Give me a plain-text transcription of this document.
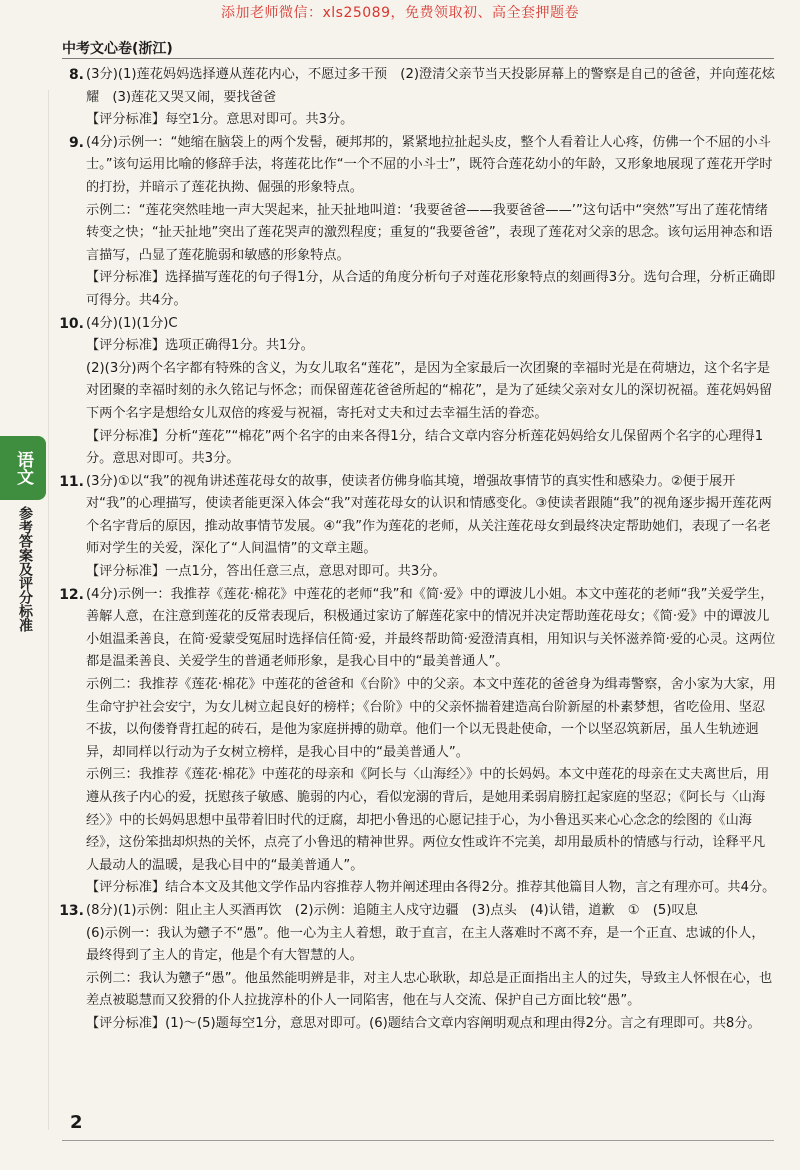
添加老师微信：xls25089，免费领取初、高全套押题卷
中考文心卷(浙江)
语文
参考答案及评分标准
8. (3分)(1)莲花妈妈选择遵从莲花内心，不愿过多干预　(2)澄清父亲节当天投影屏幕上的警察是自己的爸爸，并向莲花炫耀　(3)莲花又哭又闹，要找爸爸

【评分标准】每空1分。意思对即可。共3分。

9. (4分)示例一：“她缩在脑袋上的两个发髻，硬邦邦的，紧紧地拉扯起头皮，整个人看着让人心疼，仿佛一个不屈的小斗士。”该句运用比喻的修辞手法，将莲花比作“一个不屈的小斗士”，既符合莲花幼小的年龄，又形象地展现了莲花开学时的打扮，并暗示了莲花执拗、倔强的形象特点。

示例二：“莲花突然哇地一声大哭起来，扯天扯地叫道：‘我要爸爸——我要爸爸——’”这句话中“突然”写出了莲花情绪转变之快；“扯天扯地”突出了莲花哭声的激烈程度；重复的“我要爸爸”，表现了莲花对父亲的思念。该句运用神态和语言描写，凸显了莲花脆弱和敏感的形象特点。

【评分标准】选择描写莲花的句子得1分，从合适的角度分析句子对莲花形象特点的刻画得3分。选句合理，分析正确即可得分。共4分。

10. (4分)(1)(1分)C

【评分标准】选项正确得1分。共1分。

(2)(3分)两个名字都有特殊的含义，为女儿取名“莲花”，是因为全家最后一次团聚的幸福时光是在荷塘边，这个名字是对团聚的幸福时刻的永久铭记与怀念；而保留莲花爸爸所起的“棉花”，是为了延续父亲对女儿的深切祝福。莲花妈妈留下两个名字是想给女儿双倍的疼爱与祝福，寄托对丈夫和过去幸福生活的眷恋。

【评分标准】分析“莲花”“棉花”两个名字的由来各得1分，结合文章内容分析莲花妈妈给女儿保留两个名字的心理得1分。意思对即可。共3分。

11. (3分)①以“我”的视角讲述莲花母女的故事，使读者仿佛身临其境，增强故事情节的真实性和感染力。②便于展开对“我”的心理描写，使读者能更深入体会“我”对莲花母女的认识和情感变化。③使读者跟随“我”的视角逐步揭开莲花两个名字背后的原因，推动故事情节发展。④“我”作为莲花的老师，从关注莲花母女到最终决定帮助她们，表现了一名老师对学生的关爱，深化了“人间温情”的文章主题。

【评分标准】一点1分，答出任意三点，意思对即可。共3分。

12. (4分)示例一：我推荐《莲花·棉花》中莲花的老师“我”和《简·爱》中的谭波儿小姐。本文中莲花的老师“我”关爱学生，善解人意，在注意到莲花的反常表现后，积极通过家访了解莲花家中的情况并决定帮助莲花母女；《简·爱》中的谭波儿小姐温柔善良，在简·爱蒙受冤屈时选择信任简·爱，并最终帮助简·爱澄清真相，用知识与关怀滋养简·爱的心灵。这两位都是温柔善良、关爱学生的普通老师形象，是我心目中的“最美普通人”。

示例二：我推荐《莲花·棉花》中莲花的爸爸和《台阶》中的父亲。本文中莲花的爸爸身为缉毒警察，舍小家为大家，用生命守护社会安宁，为女儿树立起良好的榜样；《台阶》中的父亲怀揣着建造高台阶新屋的朴素梦想，省吃俭用、坚忍不拔，以佝偻脊背扛起的砖石，是他为家庭拼搏的勋章。他们一个以无畏赴使命，一个以坚忍筑新居，虽人生轨迹迥异，却同样以行动为子女树立榜样，是我心目中的“最美普通人”。

示例三：我推荐《莲花·棉花》中莲花的母亲和《阿长与〈山海经〉》中的长妈妈。本文中莲花的母亲在丈夫离世后，用遵从孩子内心的爱，抚慰孩子敏感、脆弱的内心，看似宠溺的背后，是她用柔弱肩膀扛起家庭的坚忍；《阿长与〈山海经〉》中的长妈妈思想中虽带着旧时代的迂腐，却把小鲁迅的心愿记挂于心，为小鲁迅买来心心念念的绘图的《山海经》，这份笨拙却炽热的关怀，点亮了小鲁迅的精神世界。两位女性或许不完美，却用最质朴的情感与行动，诠释平凡人最动人的温暖，是我心目中的“最美普通人”。

【评分标准】结合本文及其他文学作品内容推荐人物并阐述理由各得2分。推荐其他篇目人物，言之有理亦可。共4分。

13. (8分)(1)示例：阻止主人买酒再饮　(2)示例：追随主人戍守边疆　(3)点头　(4)认错，道歉　①　(5)叹息

(6)示例一：我认为戆子不“愚”。他一心为主人着想，敢于直言，在主人落难时不离不弃，是一个正直、忠诚的仆人，最终得到了主人的肯定，他是个有大智慧的人。

示例二：我认为戆子“愚”。他虽然能明辨是非，对主人忠心耿耿，却总是正面指出主人的过失，导致主人怀恨在心，也差点被聪慧而又狡猾的仆人拉拢淳朴的仆人一同陷害，他在与人交流、保护自己方面比较“愚”。

【评分标准】(1)～(5)题每空1分，意思对即可。(6)题结合文章内容阐明观点和理由得2分。言之有理即可。共8分。

2
